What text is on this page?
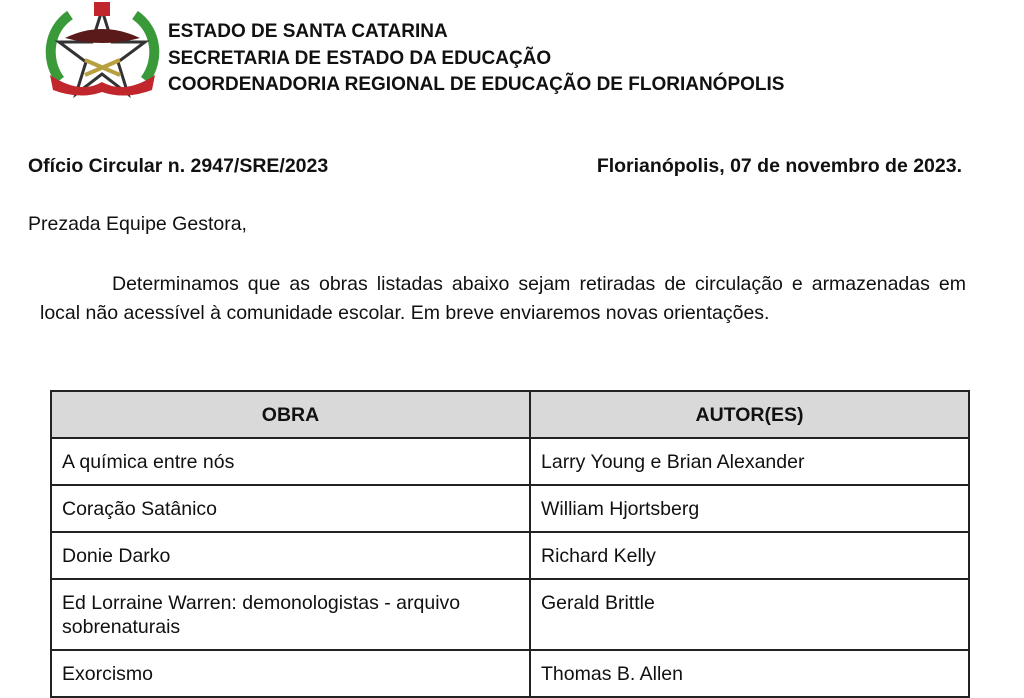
ESTADO DE SANTA CATARINA
SECRETARIA DE ESTADO DA EDUCAÇÃO
COORDENADORIA REGIONAL DE EDUCAÇÃO DE FLORIANÓPOLIS
Ofício Circular n. 2947/SRE/2023	Florianópolis, 07 de novembro de 2023.
Prezada Equipe Gestora,
Determinamos que as obras listadas abaixo sejam retiradas de circulação e armazenadas em local não acessível à comunidade escolar. Em breve enviaremos novas orientações.
OBRA	AUTOR(ES)
A química entre nós	Larry Young e Brian Alexander
Coração Satânico	William Hjortsberg
Donie Darko	Richard Kelly
Ed Lorraine Warren: demonologistas - arquivo sobrenaturais	Gerald Brittle
Exorcismo	Thomas B. Allen
